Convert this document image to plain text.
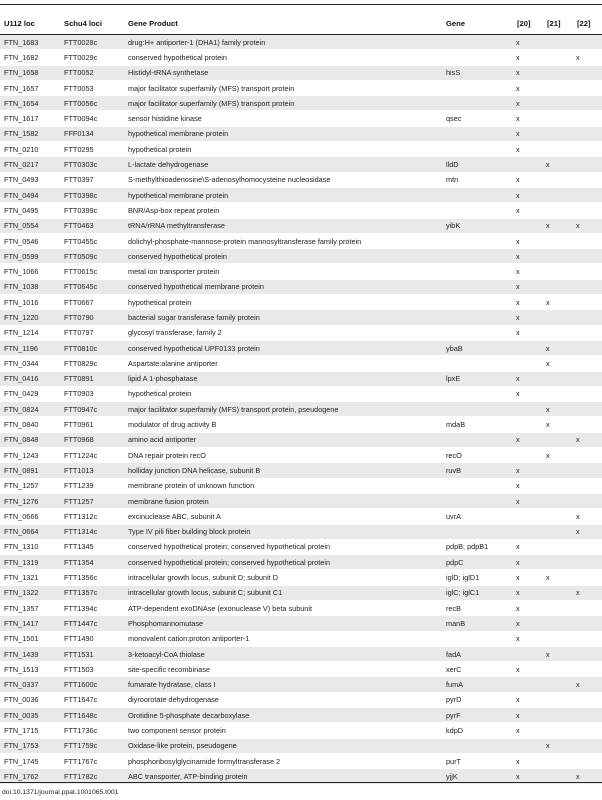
U112 loc	Schu4 loci	Gene Product	Gene	[20]	[21]	[22]
FTN_1683	FTT0028c	drug:H+ antiporter-1 (DHA1) family protein		x		
FTN_1682	FTT0029c	conserved hypothetical protein		x		x
FTN_1658	FTT0052	Histidyl-tRNA synthetase	hisS	x		
FTN_1657	FTT0053	major facilitator superfamily (MFS) transport protein		x		
FTN_1654	FTT0056c	major facilitator superfamily (MFS) transport protein		x		
FTN_1617	FTT0094c	sensor histidine kinase	qsec	x		
FTN_1582	FFF0134	hypothetical membrane protein		x		
FTN_0210	FTT0295	hypothetical protein		x		
FTN_0217	FTT0303c	L-lactate dehydrogenase	lldD		x	
FTN_0493	FTT0397	S-methylthioadenosine\S-adenosylhomocysteine nucleosidase	mtn	x		
FTN_0494	FTT0398c	hypothetical membrane protein		x		
FTN_0495	FTT0399c	BNR/Asp-box repeat protein		x		
FTN_0554	FTT0463	tRNA/rRNA methyltransferase	yibK		x	x
FTN_0546	FTT0455c	dolichyl-phosphate-mannose-protein mannosyltransferase family protein		x		
FTN_0599	FTT0509c	conserved hypothetical protein		x		
FTN_1066	FTT0615c	metal ion transporter protein		x		
FTN_1038	FTT0645c	conserved hypothetical membrane protein		x		
FTN_1016	FTT0667	hypothetical protein		x	x	
FTN_1220	FTT0790	bacterial sugar transferase family protein		x		
FTN_1214	FTT0797	glycosyl transferase, family 2		x		
FTN_1196	FTT0810c	conserved hypothetical UPF0133 protein	ybaB		x	
FTN_0344	FTT0829c	Aspartate:alanine antiporter			x	
FTN_0416	FTT0891	lipid A 1-phosphatase	lpxE	x		
FTN_0429	FTT0903	hypothetical protein		x		
FTN_0824	FTT0947c	major facilitator superfamily (MFS) transport protein, pseudogene			x	
FTN_0840	FTT0961	modulator of drug activity B	mdaB		x	
FTN_0848	FTT0968	amino acid antiporter		x		x
FTN_1243	FTT1224c	DNA repair protein recO	recO		x	
FTN_0891	FTT1013	holliday junction DNA helicase, subunit B	ruvB	x		
FTN_1257	FTT1239	membrane protein of unknown function		x		
FTN_1276	FTT1257	membrane fusion protein		x		
FTN_0666	FTT1312c	excinuclease ABC, subunit A	uvrA			x
FTN_0664	FTT1314c	Type IV pili fiber building block protein				x
FTN_1310	FTT1345	conserved hypothetical protein; conserved hypothetical protein	pdpB; pdpB1	x		
FTN_1319	FTT1354	conserved hypothetical protein; conserved hypothetical protein	pdpC	x		
FTN_1321	FTT1356c	intracellular growth locus, subunit D; subunit D	iglD; iglD1	x	x	
FTN_1322	FTT1357c	intracellular growth locus, subunit C; subunit C1	iglC; iglC1	x		x
FTN_1357	FTT1394c	ATP-dependent exoDNAse (exonuclease V) beta subunit	recB	x		
FTN_1417	FTT1447c	Phosphomannomutase	manB	x		
FTN_1501	FTT1490	monovalent cation:proton antiporter-1		x		
FTN_1439	FTT1531	3-ketoacyl-CoA thiolase	fadA		x	
FTN_1513	FTT1503	site-specific recombinase	xerC	x		
FTN_0337	FTT1600c	fumarate hydratase, class I	fumA			x
FTN_0036	FTT1647c	diyroorotate dehydrogenase	pyrD	x		
FTN_0035	FTT1648c	Orotidine 5-phosphate decarboxylase	pyrF	x		
FTN_1715	FTT1736c	two component sensor protein	kdpD	x		
FTN_1753	FTT1759c	Oxidase-like protein, pseudogene			x	
FTN_1745	FTT1767c	phosphoribosylglycinamide formyltransferase 2	purT	x		
FTN_1762	FTT1782c	ABC transporter, ATP-binding protein	yjjK	x		x
doi:10.1371/journal.ppat.1001065.t001
